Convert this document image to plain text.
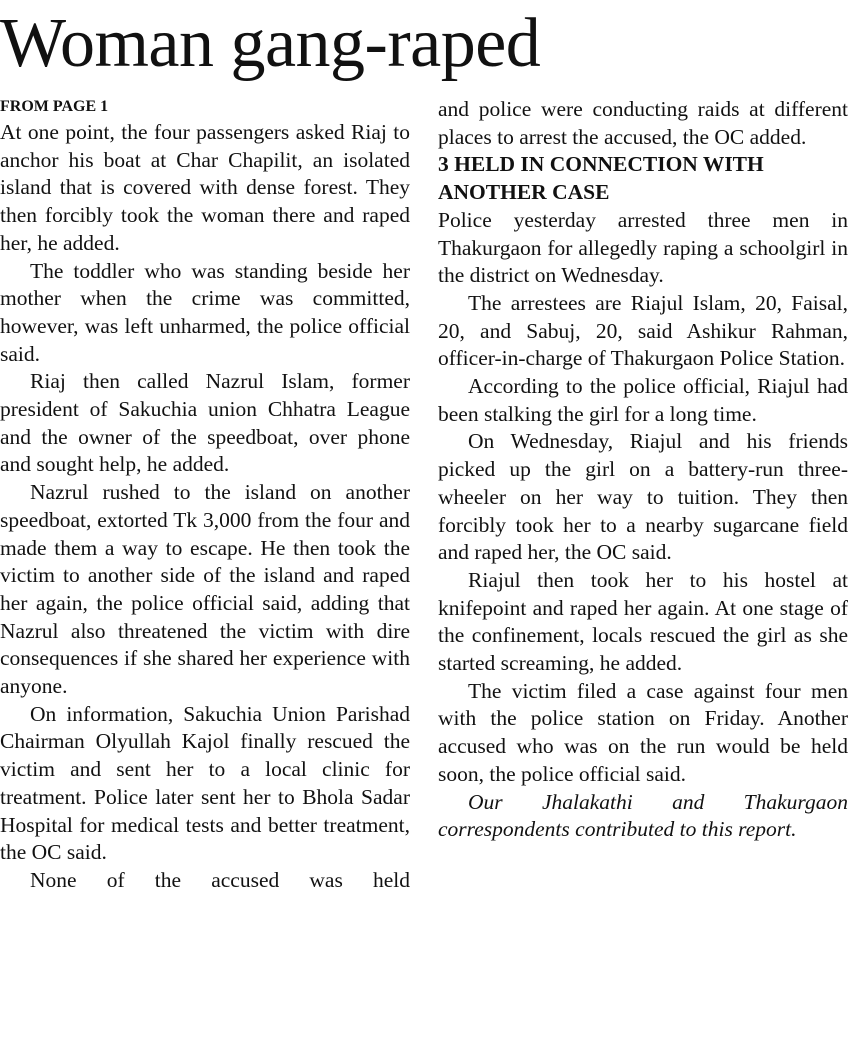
Woman gang-raped
FROM PAGE 1

At one point, the four passengers asked Riaj to anchor his boat at Char Chapilit, an isolated island that is covered with dense forest. They then forcibly took the woman there and raped her, he added.

The toddler who was standing beside her mother when the crime was committed, however, was left unharmed, the police official said.

Riaj then called Nazrul Islam, former president of Sakuchia union Chhatra League and the owner of the speedboat, over phone and sought help, he added.

Nazrul rushed to the island on another speedboat, extorted Tk 3,000 from the four and made them a way to escape. He then took the victim to another side of the island and raped her again, the police official said, adding that Nazrul also threatened the victim with dire consequences if she shared her experience with anyone.

On information, Sakuchia Union Parishad Chairman Olyullah Kajol finally rescued the victim and sent her to a local clinic for treatment. Police later sent her to Bhola Sadar Hospital for medical tests and better treatment, the OC said.

None of the accused was held

and police were conducting raids at different places to arrest the accused, the OC added.

3 HELD IN CONNECTION WITH ANOTHER CASE

Police yesterday arrested three men in Thakurgaon for allegedly raping a schoolgirl in the district on Wednesday.

The arrestees are Riajul Islam, 20, Faisal, 20, and Sabuj, 20, said Ashikur Rahman, officer-in-charge of Thakurgaon Police Station.

According to the police official, Riajul had been stalking the girl for a long time.

On Wednesday, Riajul and his friends picked up the girl on a battery-run three-wheeler on her way to tuition. They then forcibly took her to a nearby sugarcane field and raped her, the OC said.

Riajul then took her to his hostel at knifepoint and raped her again. At one stage of the confinement, locals rescued the girl as she started screaming, he added.

The victim filed a case against four men with the police station on Friday. Another accused who was on the run would be held soon, the police official said.

Our Jhalakathi and Thakurgaon correspondents contributed to this report.
